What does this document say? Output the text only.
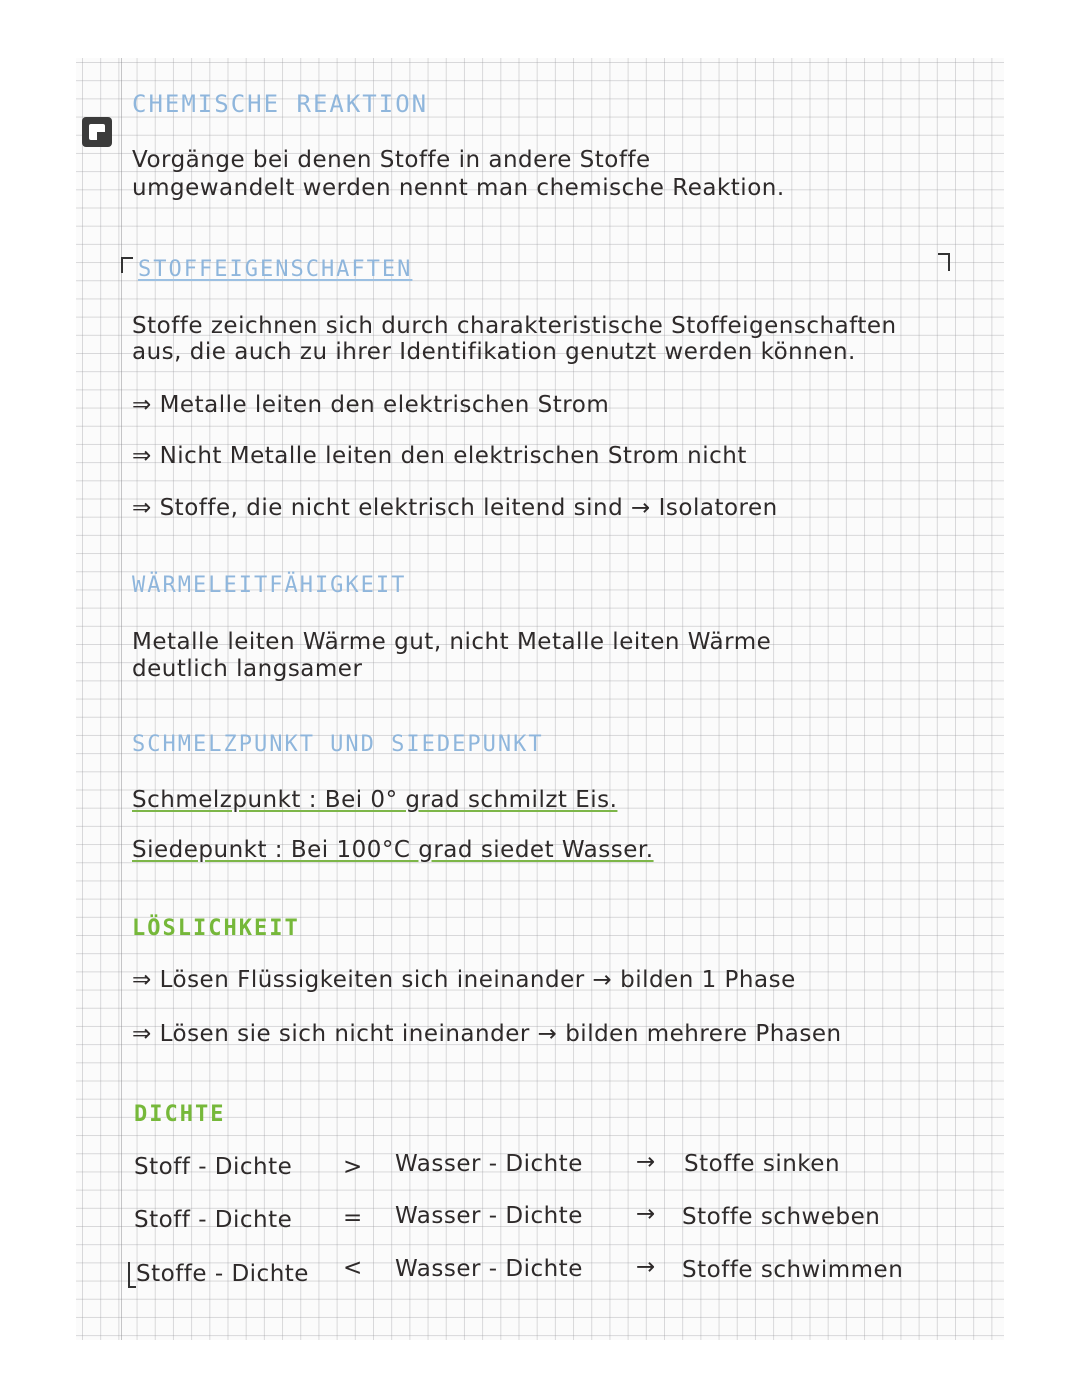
CHEMISCHE REAKTION
Vorgänge bei denen Stoffe in andere Stoffe
umgewandelt werden nennt man chemische Reaktion.
STOFFEIGENSCHAFTEN
Stoffe zeichnen sich durch charakteristische Stoffeigenschaften
aus, die auch zu ihrer Identifikation genutzt werden können.
⇒ Metalle leiten den elektrischen Strom
⇒ Nicht Metalle leiten den elektrischen Strom nicht
⇒ Stoffe, die nicht elektrisch leitend sind → Isolatoren
WÄRMELEITFÄHIGKEIT
Metalle leiten Wärme gut, nicht Metalle leiten Wärme
deutlich langsamer
SCHMELZPUNKT UND SIEDEPUNKT
Schmelzpunkt : Bei 0° grad schmilzt Eis.
Siedepunkt : Bei 100°C grad siedet Wasser.
LÖSLICHKEIT
⇒ Lösen Flüssigkeiten sich ineinander → bilden 1 Phase
⇒ Lösen sie sich nicht ineinander → bilden mehrere Phasen
DICHTE
Stoff - Dichte > Wasser - Dichte → Stoffe sinken
Stoff - Dichte = Wasser - Dichte → Stoffe schweben
Stoffe - Dichte < Wasser - Dichte → Stoffe schwimmen
